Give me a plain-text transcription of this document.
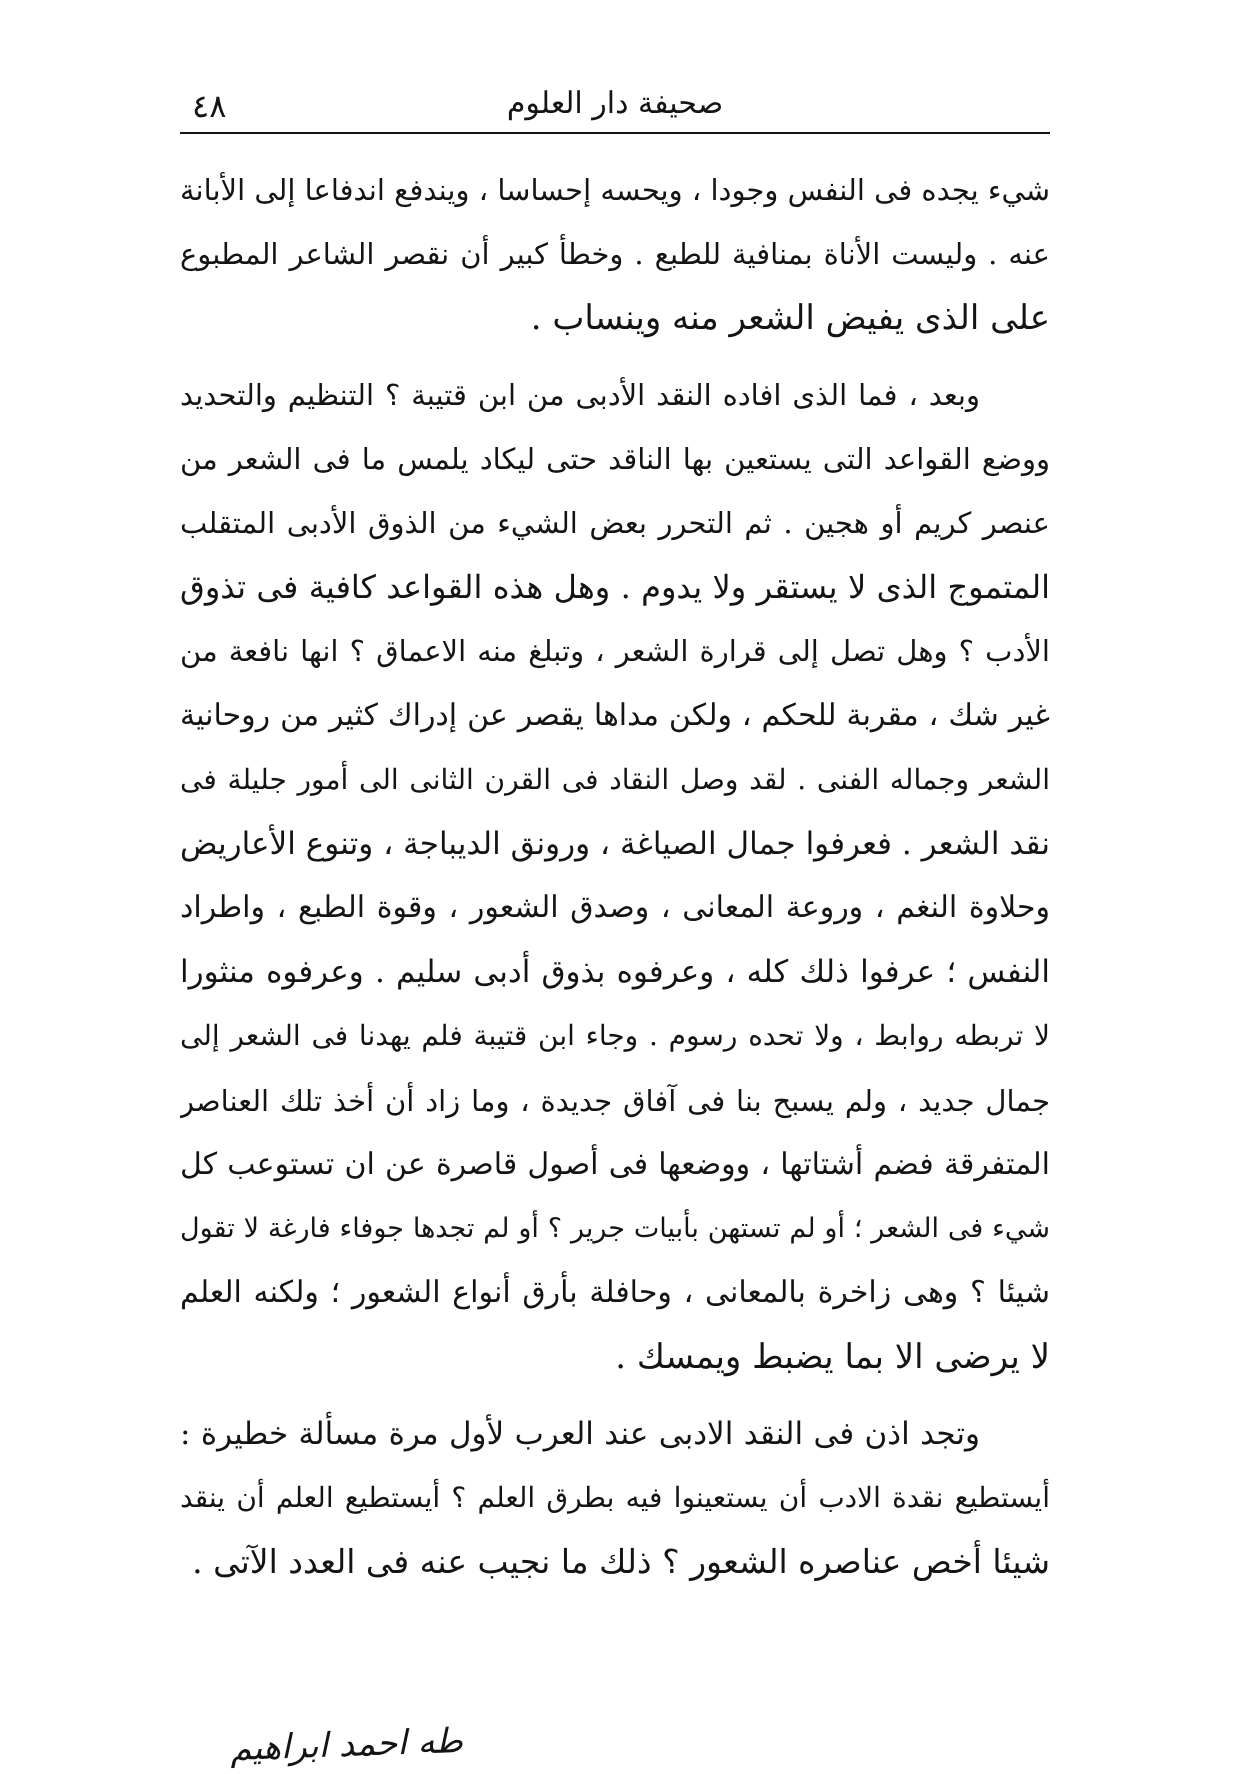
صحيفة دار العلوم
٤٨
شيء يجده فى النفس وجودا ، ويحسه إحساسا ، ويندفع اندفاعا إلى الأبانة
عنه . وليست الأناة بمنافية للطبع . وخطأ كبير أن نقصر الشاعر المطبوع
على الذى يفيض الشعر منه وينساب .
وبعد ، فما الذى افاده النقد الأدبى من ابن قتيبة ؟ التنظيم والتحديد
ووضع القواعد التى يستعين بها الناقد حتى ليكاد يلمس ما فى الشعر من
عنصر كريم أو هجين . ثم التحرر بعض الشيء من الذوق الأدبى المتقلب
المتموج الذى لا يستقر ولا يدوم . وهل هذه القواعد كافية فى تذوق
الأدب ؟ وهل تصل إلى قرارة الشعر ، وتبلغ منه الاعماق ؟ انها نافعة من
غير شك ، مقربة للحكم ، ولكن مداها يقصر عن إدراك كثير من روحانية
الشعر وجماله الفنى . لقد وصل النقاد فى القرن الثانى الى أمور جليلة فى
نقد الشعر . فعرفوا جمال الصياغة ، ورونق الديباجة ، وتنوع الأعاريض
وحلاوة النغم ، وروعة المعانى ، وصدق الشعور ، وقوة الطبع ، واطراد
النفس ؛ عرفوا ذلك كله ، وعرفوه بذوق أدبى سليم . وعرفوه منثورا
لا تربطه روابط ، ولا تحده رسوم . وجاء ابن قتيبة فلم يهدنا فى الشعر إلى
جمال جديد ، ولم يسبح بنا فى آفاق جديدة ، وما زاد أن أخذ تلك العناصر
المتفرقة فضم أشتاتها ، ووضعها فى أصول قاصرة عن ان تستوعب كل
شيء فى الشعر ؛ أو لم تستهن بأبيات جرير ؟ أو لم تجدها جوفاء فارغة لا تقول
شيئا ؟ وهى زاخرة بالمعانى ، وحافلة بأرق أنواع الشعور ؛ ولكنه العلم
لا يرضى الا بما يضبط ويمسك .
وتجد اذن فى النقد الادبى عند العرب لأول مرة مسألة خطيرة :
أيستطيع نقدة الادب أن يستعينوا فيه بطرق العلم ؟ أيستطيع العلم أن ينقد
شيئا أخص عناصره الشعور ؟ ذلك ما نجيب عنه فى العدد الآتى .
طه احمد ابراهيم
